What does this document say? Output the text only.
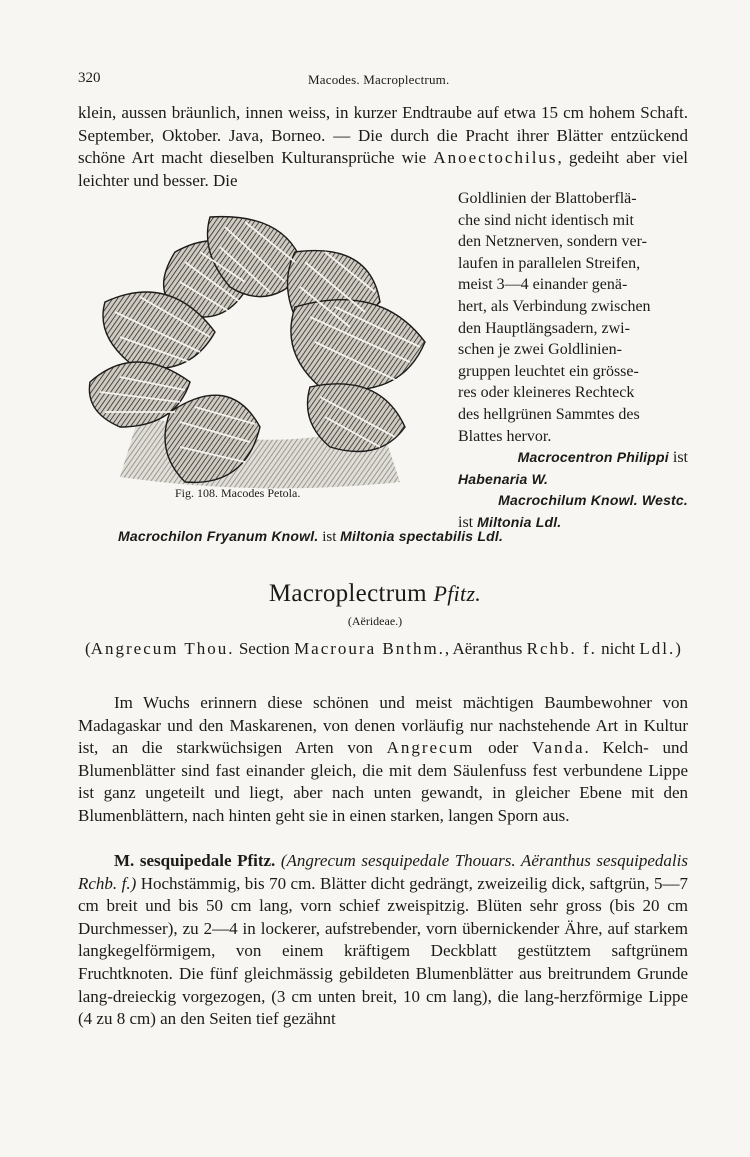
320	Macodes. Macroplectrum.
klein, aussen bräunlich, innen weiss, in kurzer Endtraube auf etwa 15 cm hohem Schaft. September, Oktober. Java, Borneo. — Die durch die Pracht ihrer Blätter entzückend schöne Art macht dieselben Kulturansprüche wie Anoectochilus, gedeiht aber viel leichter und besser. Die
Fig. 108. Macodes Petola.
Goldlinien der Blattoberflä-
che sind nicht identisch mit
den Netznerven, sondern ver-
laufen in parallelen Streifen,
meist 3—4 einander genä-
hert, als Verbindung zwischen
den Hauptlängsadern, zwi-
schen je zwei Goldlinien-
gruppen leuchtet ein grösse-
res oder kleineres Rechteck
des hellgrünen Sammtes des
Blattes hervor.
Macrocentron Philippi ist
Habenaria W.
Macrochilum Knowl. Westc.
ist Miltonia Ldl.
Macrochilon Fryanum Knowl. ist Miltonia spectabilis Ldl.
Macroplectrum Pfitz.
(Aërideae.)
(Angrecum Thou. Section Macroura Bnthm., Aëranthus Rchb. f. nicht Ldl.)

Im Wuchs erinnern diese schönen und meist mächtigen Baumbewohner von Madagaskar und den Maskarenen, von denen vorläufig nur nachstehende Art in Kultur ist, an die starkwüchsigen Arten von Angrecum oder Vanda. Kelch- und Blumenblätter sind fast einander gleich, die mit dem Säulenfuss fest verbundene Lippe ist ganz ungeteilt und liegt, aber nach unten gewandt, in gleicher Ebene mit den Blumenblättern, nach hinten geht sie in einen starken, langen Sporn aus.

M. sesquipedale Pfitz. (Angrecum sesquipedale Thouars. Aëranthus sesquipedalis Rchb. f.) Hochstämmig, bis 70 cm. Blätter dicht gedrängt, zweizeilig dick, saftgrün, 5—7 cm breit und bis 50 cm lang, vorn schief zweispitzig. Blüten sehr gross (bis 20 cm Durchmesser), zu 2—4 in lockerer, aufstrebender, vorn übernickender Ähre, auf starkem langkegelförmigem, von einem kräftigem Deckblatt gestütztem saftgrünem Fruchtknoten. Die fünf gleichmässig gebildeten Blumenblätter aus breitrundem Grunde lang-dreieckig vorgezogen, (3 cm unten breit, 10 cm lang), die lang-herzförmige Lippe (4 zu 8 cm) an den Seiten tief gezähnt
